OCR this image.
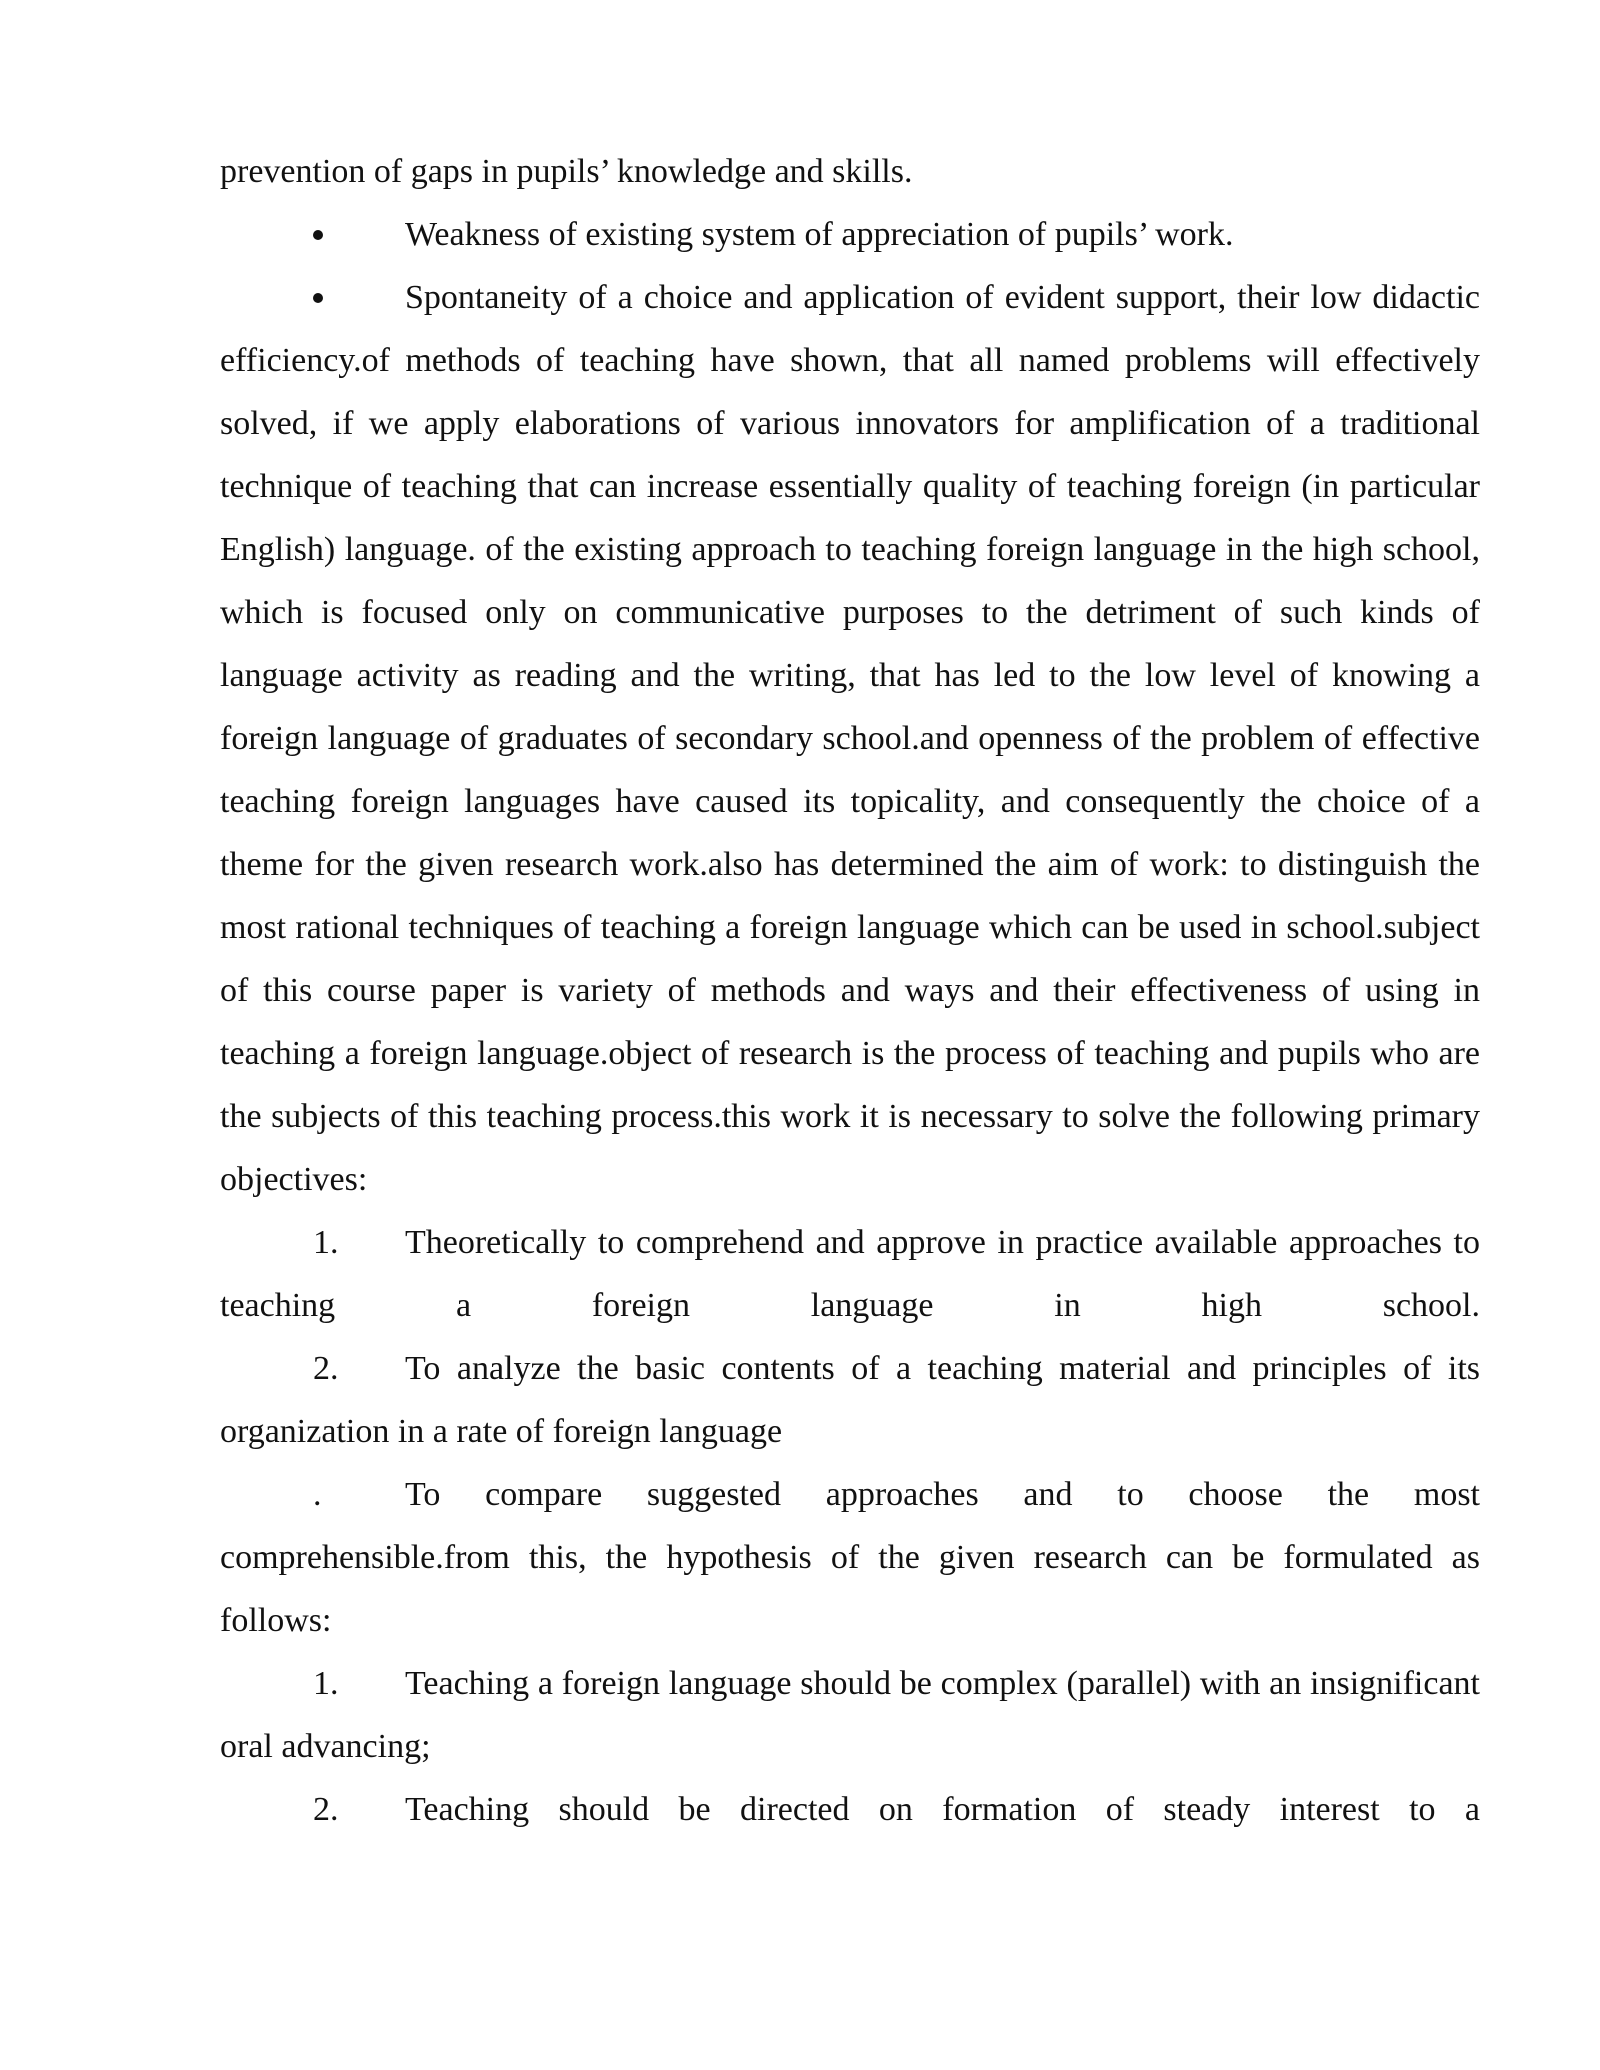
prevention of gaps in pupils’ knowledge and skills.

Weakness of existing system of appreciation of pupils’ work.

Spontaneity of a choice and application of evident support, their low didactic efficiency.of methods of teaching have shown, that all named problems will effectively solved, if we apply elaborations of various innovators for amplification of a traditional technique of teaching that can increase essentially quality of teaching foreign (in particular English) language. of the existing approach to teaching foreign language in the high school, which is focused only on communicative purposes to the detriment of such kinds of language activity as reading and the writing, that has led to the low level of knowing a foreign language of graduates of secondary school.and openness of the problem of effective teaching foreign languages have caused its topicality, and consequently the choice of a theme for the given research work.also has determined the aim of work: to distinguish the most rational techniques of teaching a foreign language which can be used in school.subject of this course paper is variety of methods and ways and their effectiveness of using in teaching a foreign language.object of research is the process of teaching and pupils who are the subjects of this teaching process.this work it is necessary to solve the following primary objectives:

1. Theoretically to comprehend and approve in practice available approaches to teaching a foreign language in high school.

2. To analyze the basic contents of a teaching material and principles of its organization in a rate of foreign language

. To compare suggested approaches and to choose the most comprehensible.from this, the hypothesis of the given research can be formulated as follows:

1. Teaching a foreign language should be complex (parallel) with an insignificant oral advancing;

2. Teaching should be directed on formation of steady interest to a
